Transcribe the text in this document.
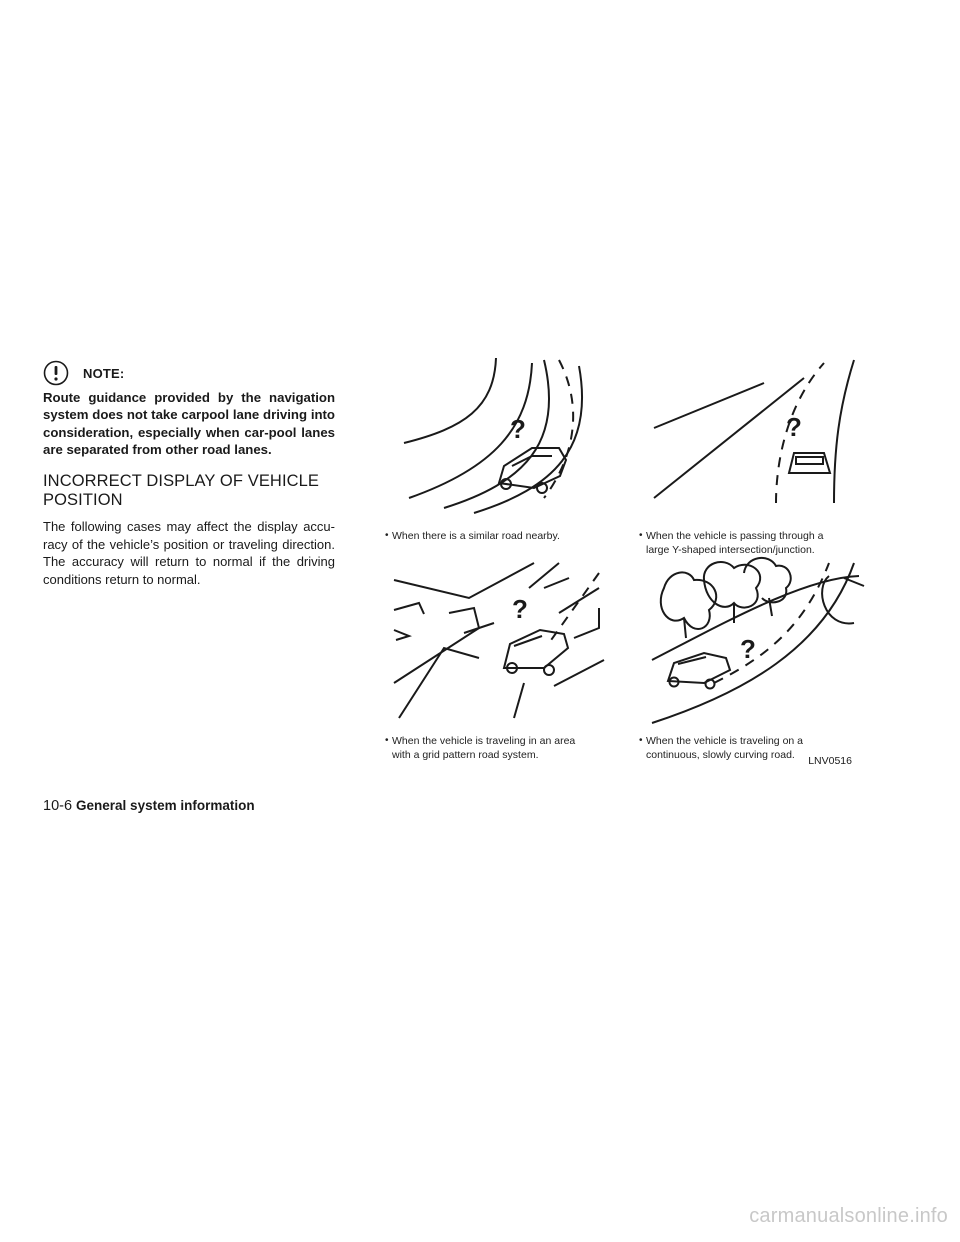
NOTE:
Route guidance provided by the navigation system does not take carpool lane driving into consideration, especially when car-pool lanes are separated from other road lanes.
INCORRECT DISPLAY OF VEHICLE POSITION
The following cases may affect the display accu-racy of the vehicle’s position or traveling direction. The accuracy will return to normal if the driving conditions return to normal.
?	?
?
?
• When there is a similar road nearby.	• When the vehicle is passing through a large Y-shaped intersection/junction.
• When the vehicle is traveling in an area with a grid pattern road system.
• When the vehicle is traveling on a continuous, slowly curving road.
LNV0516
10-6 General system information
carmanualsonline.info
